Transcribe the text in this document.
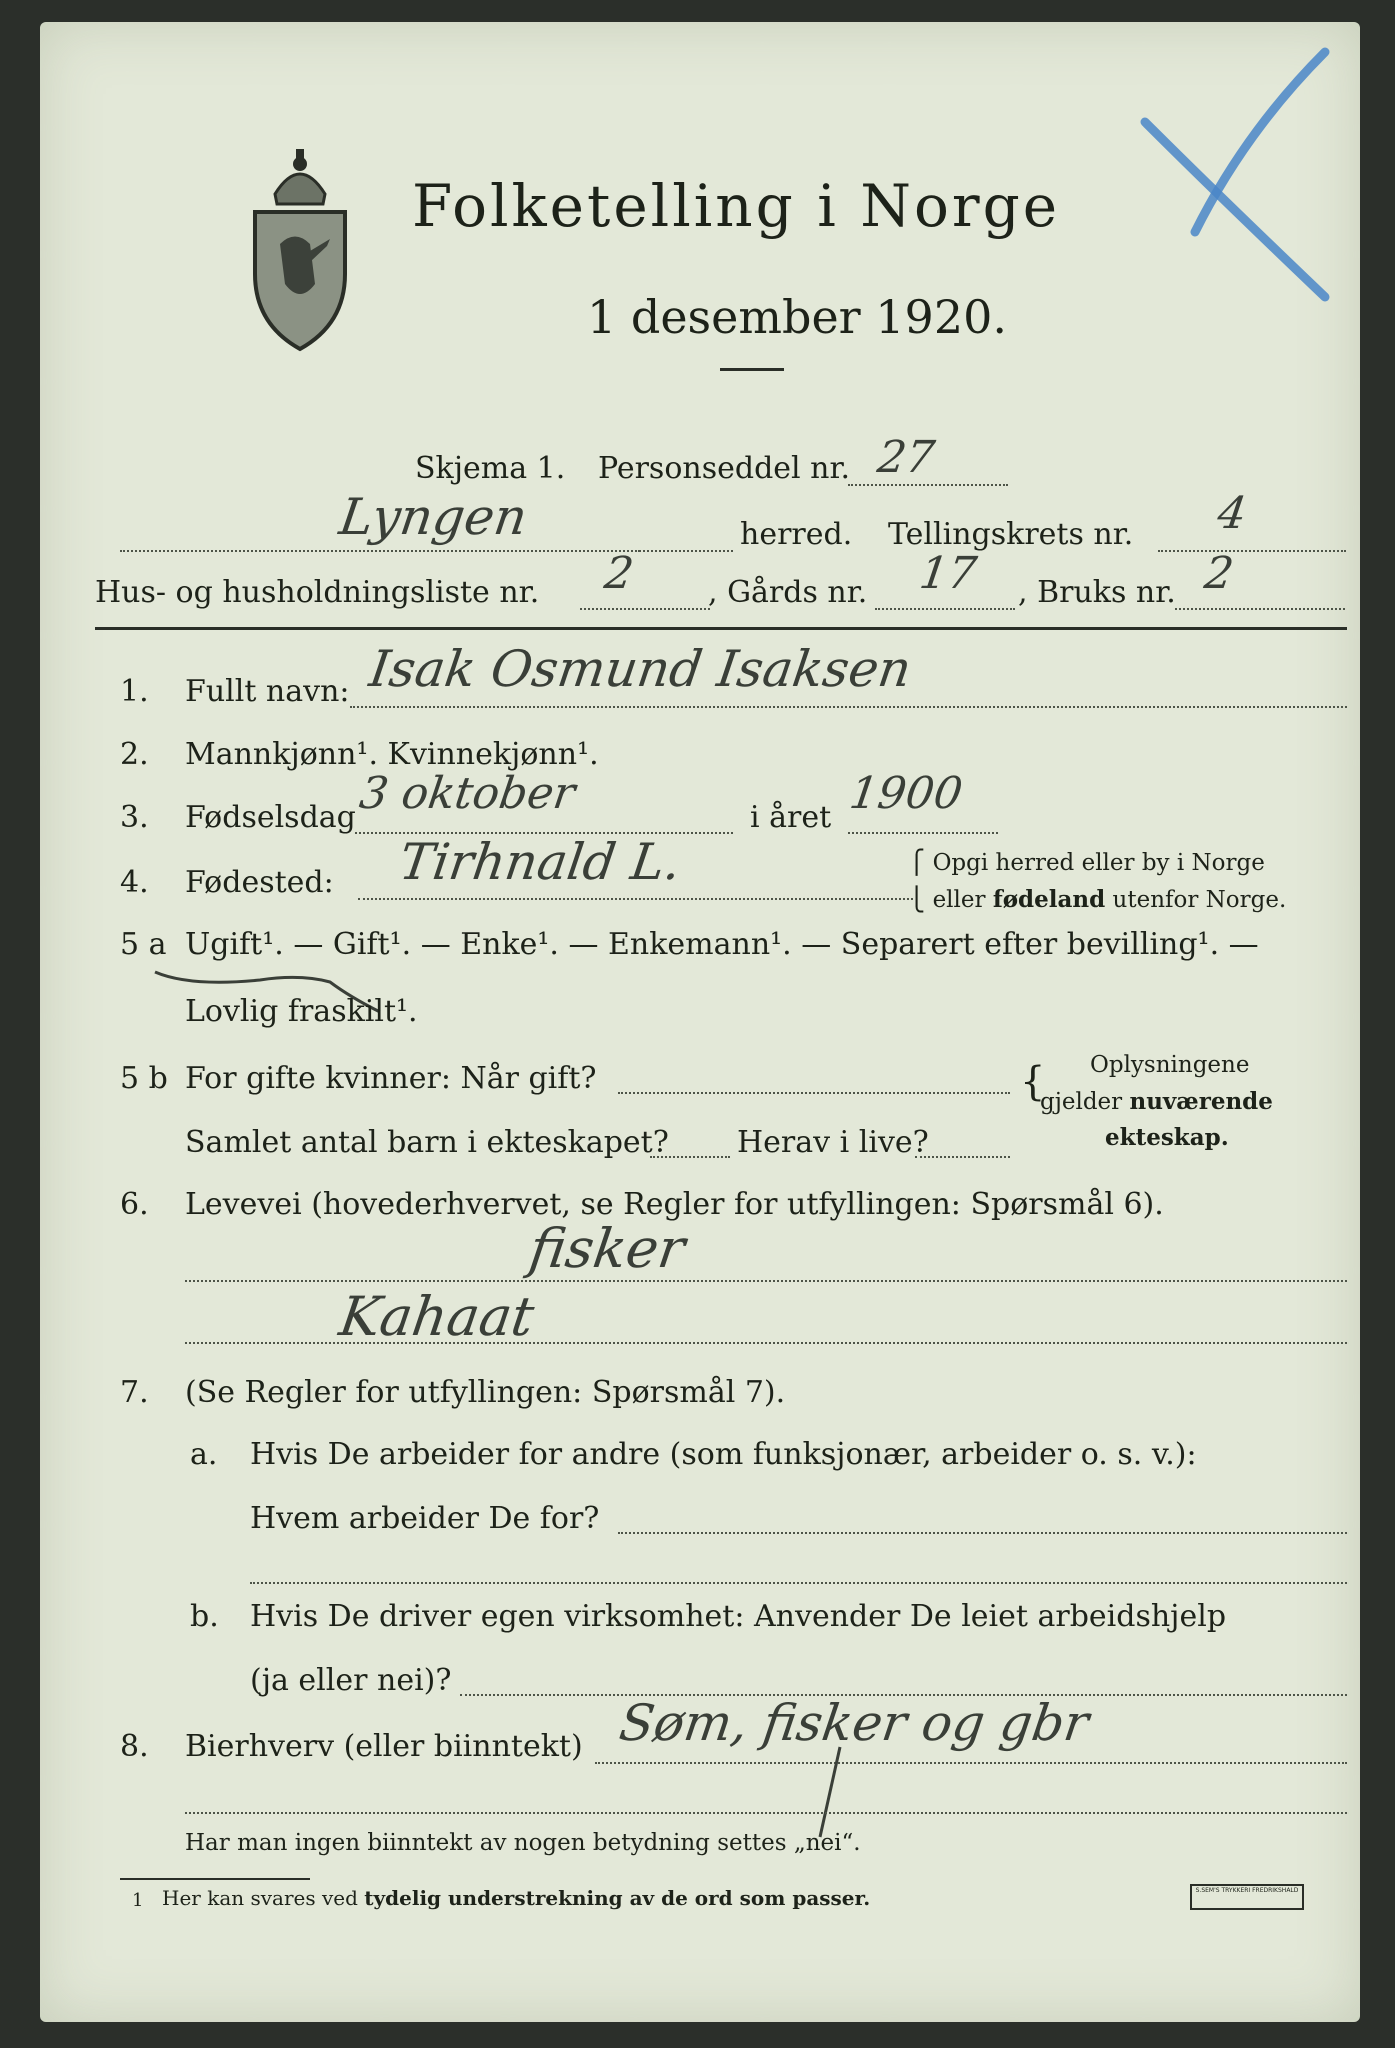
Folketelling i Norge
1 desember 1920.
Skjema 1. Personseddel nr. 27
Lyngen	herred. Tellingskrets nr. 4
Hus- og husholdningsliste nr. 2 , Gårds nr. 17 , Bruks nr. 2
1. Fullt navn: Isak Osmund Isaksen
2. Mannkjønn¹. Kvinnekjønn¹.
3. Fødselsdag 3 oktober	i året 1900
4. Fødested: Tirhnald L.	⎧ Opgi herred eller by i Norge
⎩ eller fødeland utenfor Norge.
5 a Ugift¹. — Gift¹. — Enke¹. — Enkemann¹. — Separert efter bevilling¹. —
Lovlig fraskilt¹.
5 b For gifte kvinner: Når gift?
Samlet antal barn i ekteskapet? Herav i live?
{ Oplysningene
gjelder nuværende
ekteskap.
6. Levevei (hovederhvervet, se Regler for utfyllingen: Spørsmål 6).
fisker
Kahaat
7. (Se Regler for utfyllingen: Spørsmål 7).
a. Hvis De arbeider for andre (som funksjonær, arbeider o. s. v.):
Hvem arbeider De for?
b. Hvis De driver egen virksomhet: Anvender De leiet arbeidshjelp
(ja eller nei)?
8. Bierhverv (eller biinntekt) Søm, fisker og gbr
Har man ingen biinntekt av nogen betydning settes „nei“.
1 Her kan svares ved tydelig understrekning av de ord som passer.	S.SEM'S TRYKKERI FREDRIKSHALD
